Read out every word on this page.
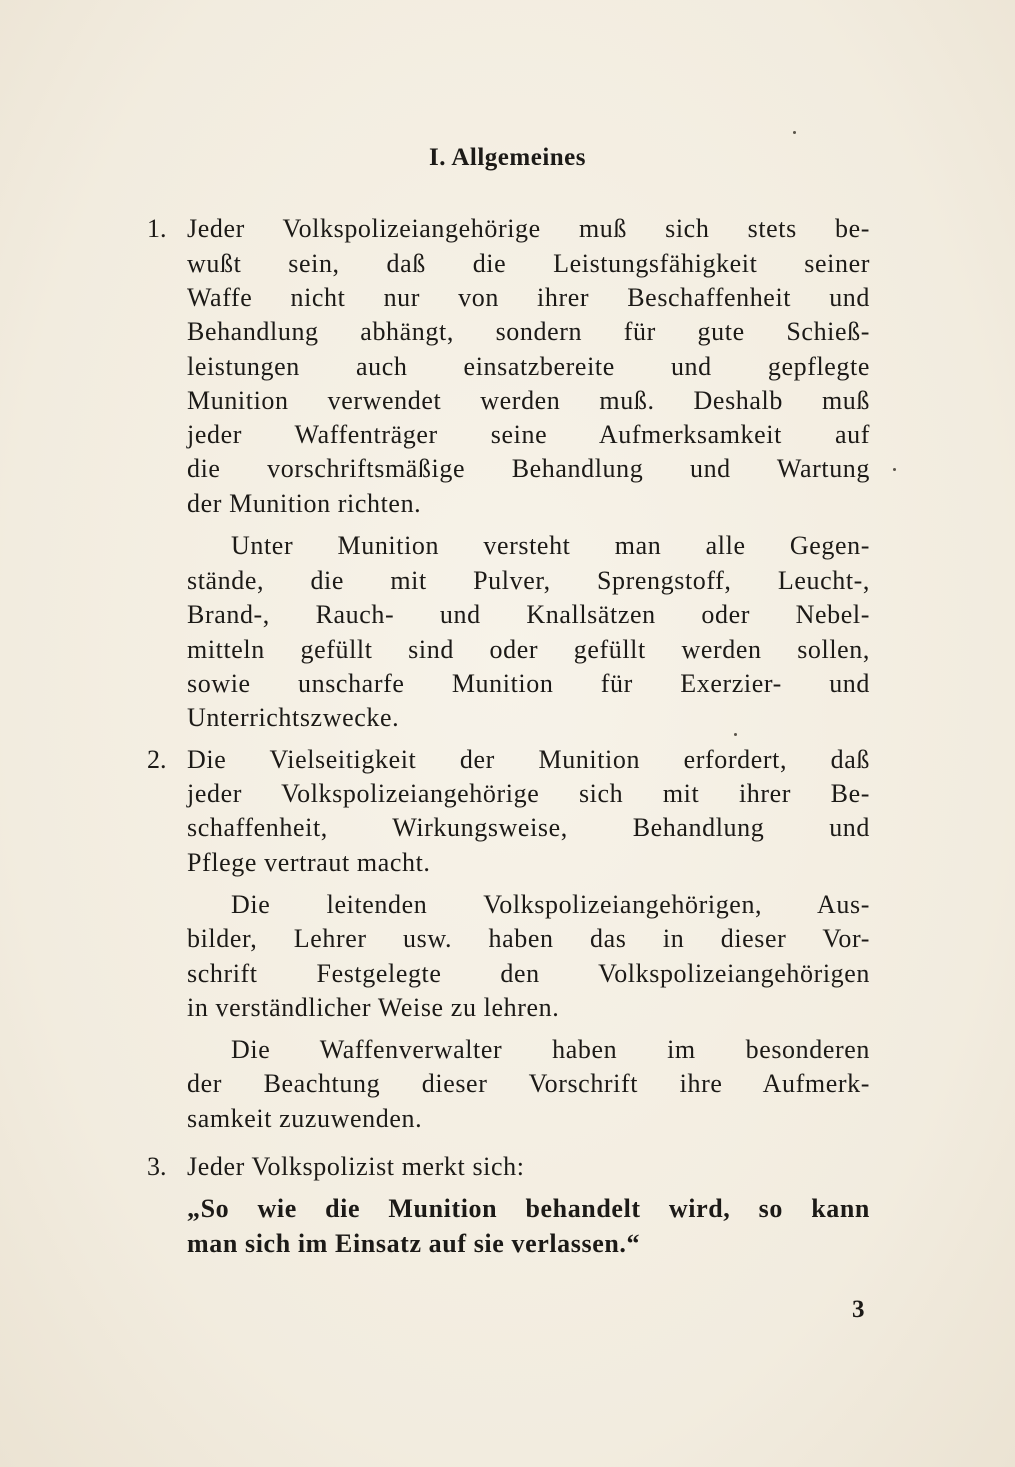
I. Allgemeines
1. Jeder Volkspolizeiangehörige muß sich stets be-
wußt sein, daß die Leistungsfähigkeit seiner
Waffe nicht nur von ihrer Beschaffenheit und
Behandlung abhängt, sondern für gute Schieß-
leistungen auch einsatzbereite und gepflegte
Munition verwendet werden muß. Deshalb muß
jeder Waffenträger seine Aufmerksamkeit auf
die vorschriftsmäßige Behandlung und Wartung
der Munition richten.
Unter Munition versteht man alle Gegen-
stände, die mit Pulver, Sprengstoff, Leucht-,
Brand-, Rauch- und Knallsätzen oder Nebel-
mitteln gefüllt sind oder gefüllt werden sollen,
sowie unscharfe Munition für Exerzier- und
Unterrichtszwecke.
2. Die Vielseitigkeit der Munition erfordert, daß
jeder Volkspolizeiangehörige sich mit ihrer Be-
schaffenheit, Wirkungsweise, Behandlung und
Pflege vertraut macht.
Die leitenden Volkspolizeiangehörigen, Aus-
bilder, Lehrer usw. haben das in dieser Vor-
schrift Festgelegte den Volkspolizeiangehörigen
in verständlicher Weise zu lehren.
Die Waffenverwalter haben im besonderen
der Beachtung dieser Vorschrift ihre Aufmerk-
samkeit zuzuwenden.
3. Jeder Volkspolizist merkt sich:
„So wie die Munition behandelt wird, so kann
man sich im Einsatz auf sie verlassen.“
3
